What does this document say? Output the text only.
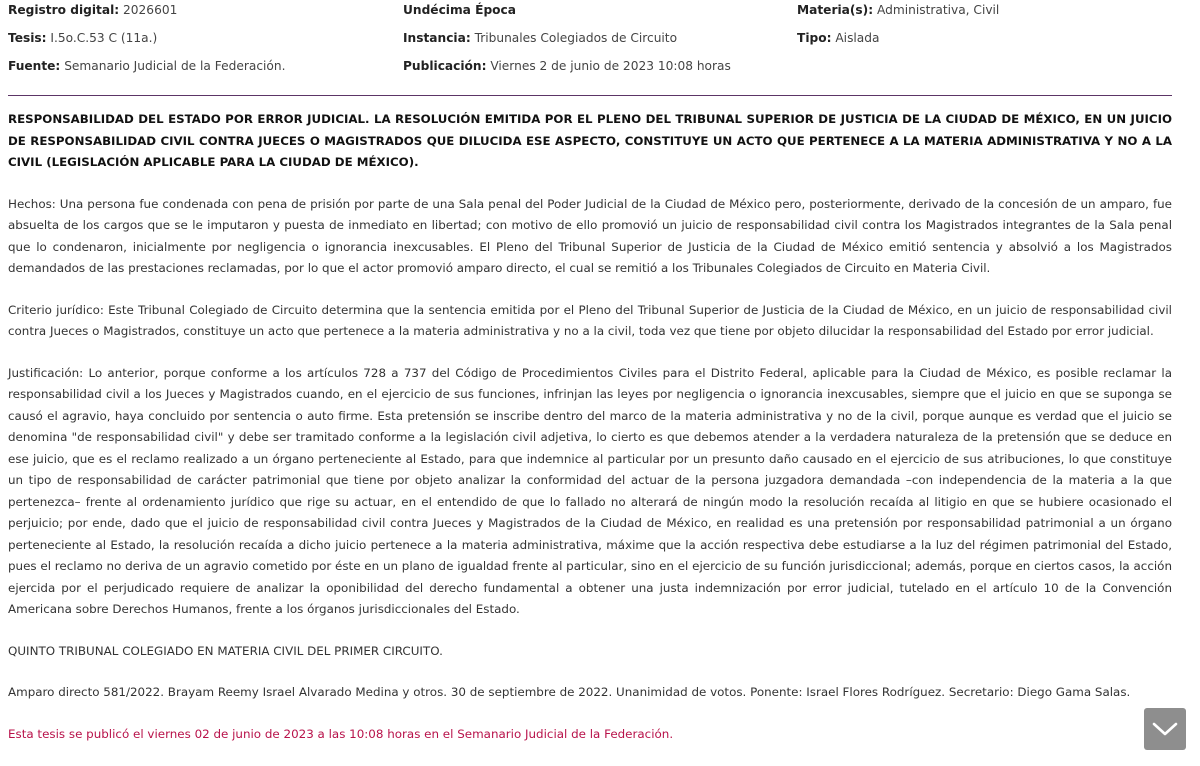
Registro digital: 2026601
Tesis: I.5o.C.53 C (11a.)
Fuente: Semanario Judicial de la Federación.
Undécima Época
Instancia: Tribunales Colegiados de Circuito
Publicación: Viernes 2 de junio de 2023 10:08 horas
Materia(s): Administrativa, Civil
Tipo: Aislada

RESPONSABILIDAD DEL ESTADO POR ERROR JUDICIAL. LA RESOLUCIÓN EMITIDA POR EL PLENO DEL TRIBUNAL SUPERIOR DE JUSTICIA DE LA CIUDAD DE MÉXICO, EN UN JUICIO DE RESPONSABILIDAD CIVIL CONTRA JUECES O MAGISTRADOS QUE DILUCIDA ESE ASPECTO, CONSTITUYE UN ACTO QUE PERTENECE A LA MATERIA ADMINISTRATIVA Y NO A LA CIVIL (LEGISLACIÓN APLICABLE PARA LA CIUDAD DE MÉXICO).

Hechos: Una persona fue condenada con pena de prisión por parte de una Sala penal del Poder Judicial de la Ciudad de México pero, posteriormente, derivado de la concesión de un amparo, fue absuelta de los cargos que se le imputaron y puesta de inmediato en libertad; con motivo de ello promovió un juicio de responsabilidad civil contra los Magistrados integrantes de la Sala penal que lo condenaron, inicialmente por negligencia o ignorancia inexcusables. El Pleno del Tribunal Superior de Justicia de la Ciudad de México emitió sentencia y absolvió a los Magistrados demandados de las prestaciones reclamadas, por lo que el actor promovió amparo directo, el cual se remitió a los Tribunales Colegiados de Circuito en Materia Civil.

Criterio jurídico: Este Tribunal Colegiado de Circuito determina que la sentencia emitida por el Pleno del Tribunal Superior de Justicia de la Ciudad de México, en un juicio de responsabilidad civil contra Jueces o Magistrados, constituye un acto que pertenece a la materia administrativa y no a la civil, toda vez que tiene por objeto dilucidar la responsabilidad del Estado por error judicial.

Justificación: Lo anterior, porque conforme a los artículos 728 a 737 del Código de Procedimientos Civiles para el Distrito Federal, aplicable para la Ciudad de México, es posible reclamar la responsabilidad civil a los Jueces y Magistrados cuando, en el ejercicio de sus funciones, infrinjan las leyes por negligencia o ignorancia inexcusables, siempre que el juicio en que se suponga se causó el agravio, haya concluido por sentencia o auto firme. Esta pretensión se inscribe dentro del marco de la materia administrativa y no de la civil, porque aunque es verdad que el juicio se denomina "de responsabilidad civil" y debe ser tramitado conforme a la legislación civil adjetiva, lo cierto es que debemos atender a la verdadera naturaleza de la pretensión que se deduce en ese juicio, que es el reclamo realizado a un órgano perteneciente al Estado, para que indemnice al particular por un presunto daño causado en el ejercicio de sus atribuciones, lo que constituye un tipo de responsabilidad de carácter patrimonial que tiene por objeto analizar la conformidad del actuar de la persona juzgadora demandada –con independencia de la materia a la que pertenezca– frente al ordenamiento jurídico que rige su actuar, en el entendido de que lo fallado no alterará de ningún modo la resolución recaída al litigio en que se hubiere ocasionado el perjuicio; por ende, dado que el juicio de responsabilidad civil contra Jueces y Magistrados de la Ciudad de México, en realidad es una pretensión por responsabilidad patrimonial a un órgano perteneciente al Estado, la resolución recaída a dicho juicio pertenece a la materia administrativa, máxime que la acción respectiva debe estudiarse a la luz del régimen patrimonial del Estado, pues el reclamo no deriva de un agravio cometido por éste en un plano de igualdad frente al particular, sino en el ejercicio de su función jurisdiccional; además, porque en ciertos casos, la acción ejercida por el perjudicado requiere de analizar la oponibilidad del derecho fundamental a obtener una justa indemnización por error judicial, tutelado en el artículo 10 de la Convención Americana sobre Derechos Humanos, frente a los órganos jurisdiccionales del Estado.

QUINTO TRIBUNAL COLEGIADO EN MATERIA CIVIL DEL PRIMER CIRCUITO.

Amparo directo 581/2022. Brayam Reemy Israel Alvarado Medina y otros. 30 de septiembre de 2022. Unanimidad de votos. Ponente: Israel Flores Rodríguez. Secretario: Diego Gama Salas.

Esta tesis se publicó el viernes 02 de junio de 2023 a las 10:08 horas en el Semanario Judicial de la Federación.
